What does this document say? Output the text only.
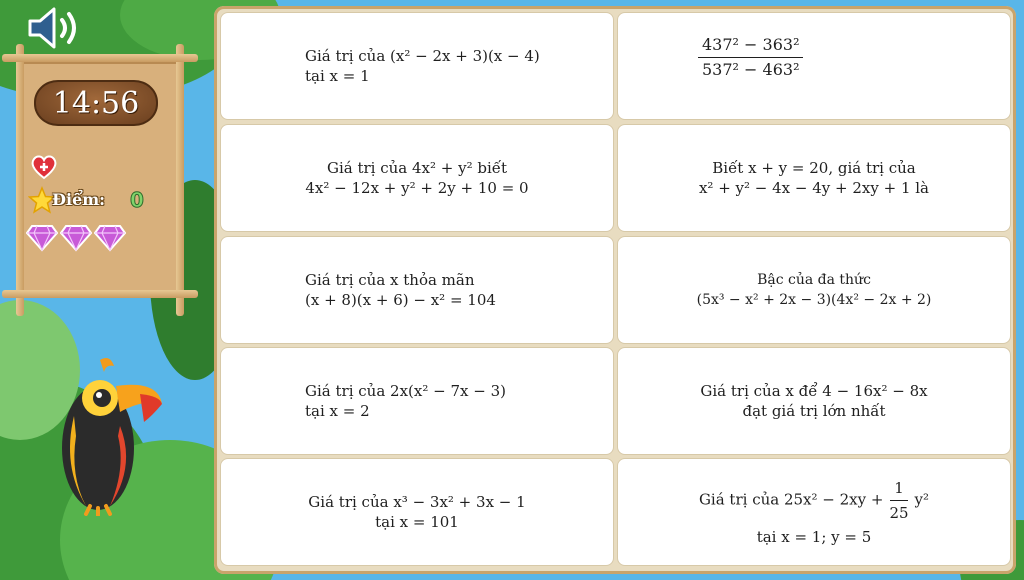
14:56
Điểm: 0
Giá trị của (x² − 2x + 3)(x − 4)
tại x = 1	$\frac{\text{437² − 363²}}{\text{537² − 463²}}$
Giá trị của 4x² + y² biết
4x² − 12x + y² + 2y + 10 = 0
Biết x + y = 20, giá trị của
x² + y² − 4x − 4y + 2xy + 1 là
Giá trị của x thỏa mãn
(x + 8)(x + 6) − x² = 104
Bậc của đa thức
(5x³ − x² + 2x − 3)(4x² − 2x + 2)
Giá trị của 2x(x² − 7x − 3)
tại x = 2
Giá trị của x để 4 − 16x² − 8x
đạt giá trị lớn nhất
Giá trị của x³ − 3x² + 3x − 1
tại x = 101
Giá trị của $25x^2 - 2xy + \frac{1}{25} y^2$
tại x = 1; y = 5
